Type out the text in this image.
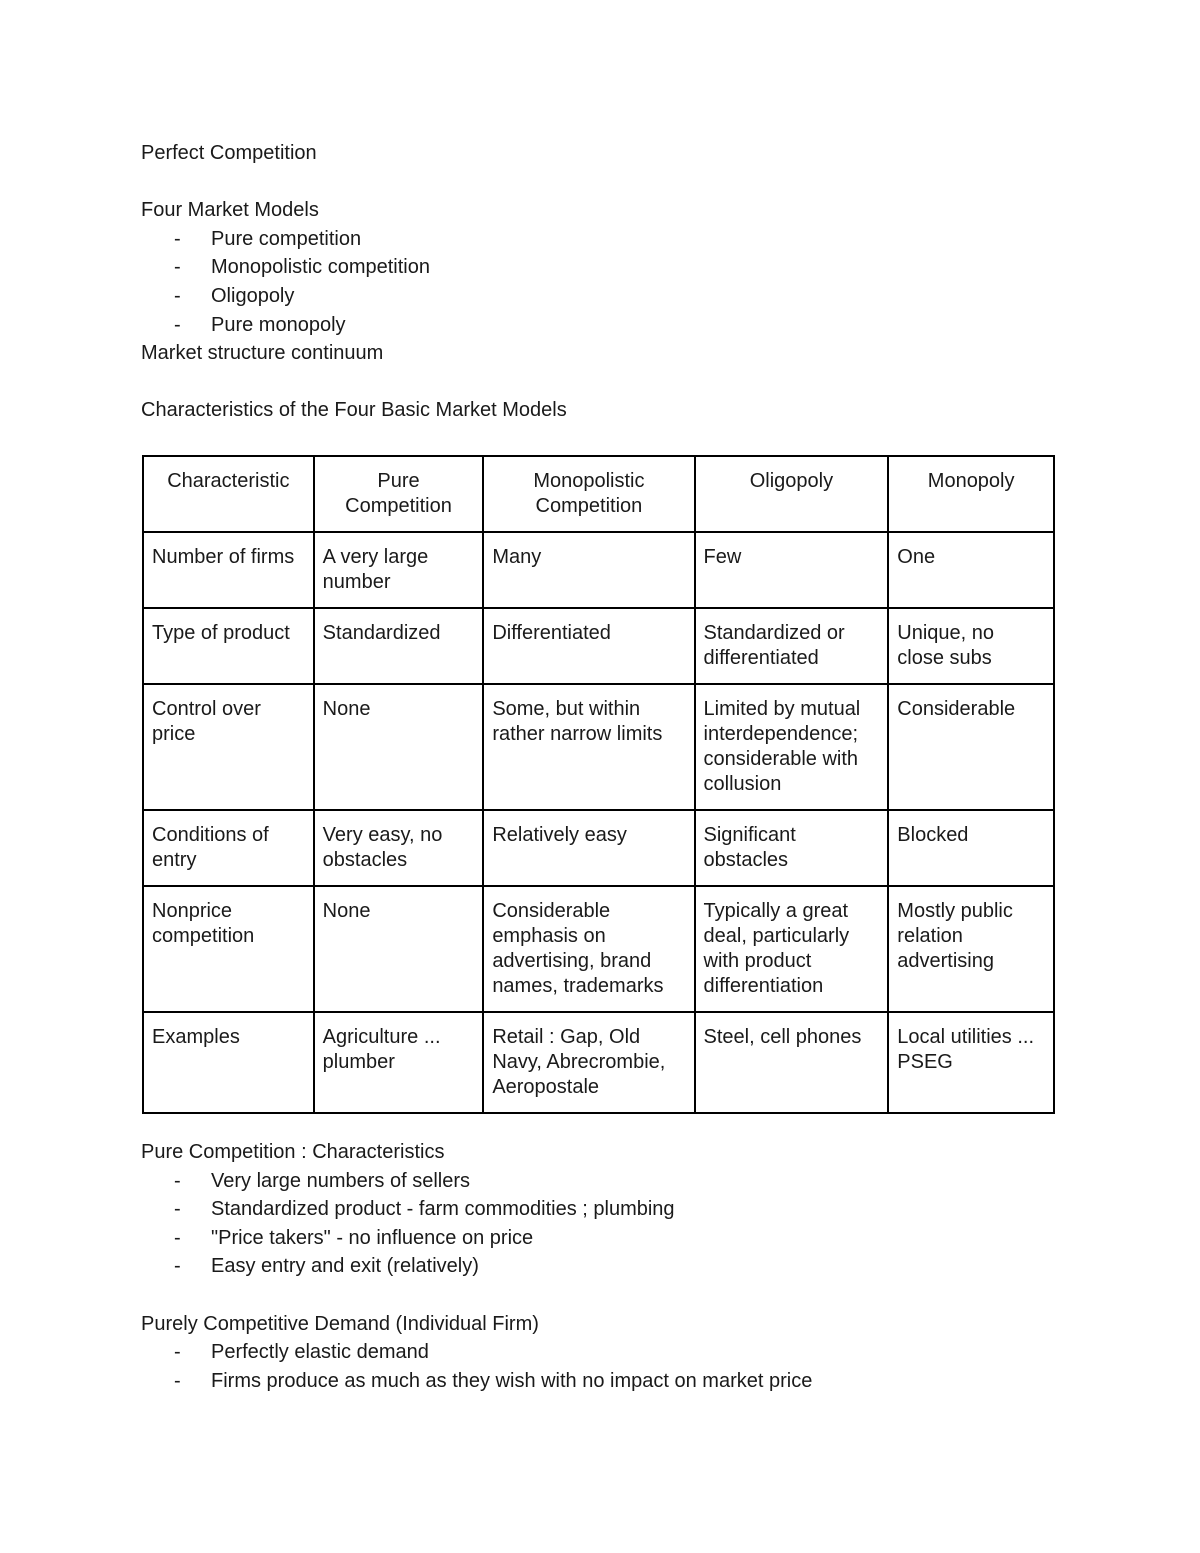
Perfect Competition

Four Market Models

- Pure competition
- Monopolistic competition
- Oligopoly
- Pure monopoly

Market structure continuum

Characteristics of the Four Basic Market Models

Characteristic	Pure Competition	Monopolistic Competition	Oligopoly	Monopoly
Number of firms	A very large number	Many	Few	One
Type of product	Standardized	Differentiated	Standardized or differentiated	Unique, no close subs
Control over price	None	Some, but within rather narrow limits	Limited by mutual interdependence; considerable with collusion	Considerable
Conditions of entry	Very easy, no obstacles	Relatively easy	Significant obstacles	Blocked
Nonprice competition	None	Considerable emphasis on advertising, brand names, trademarks	Typically a great deal, particularly with product differentiation	Mostly public relation advertising
Examples	Agriculture ... plumber	Retail : Gap, Old Navy, Abrecrombie, Aeropostale	Steel, cell phones	Local utilities ... PSEG

Pure Competition : Characteristics

- Very large numbers of sellers
- Standardized product - farm commodities ; plumbing
- "Price takers" - no influence on price
- Easy entry and exit (relatively)

Purely Competitive Demand (Individual Firm)

- Perfectly elastic demand
- Firms produce as much as they wish with no impact on market price
